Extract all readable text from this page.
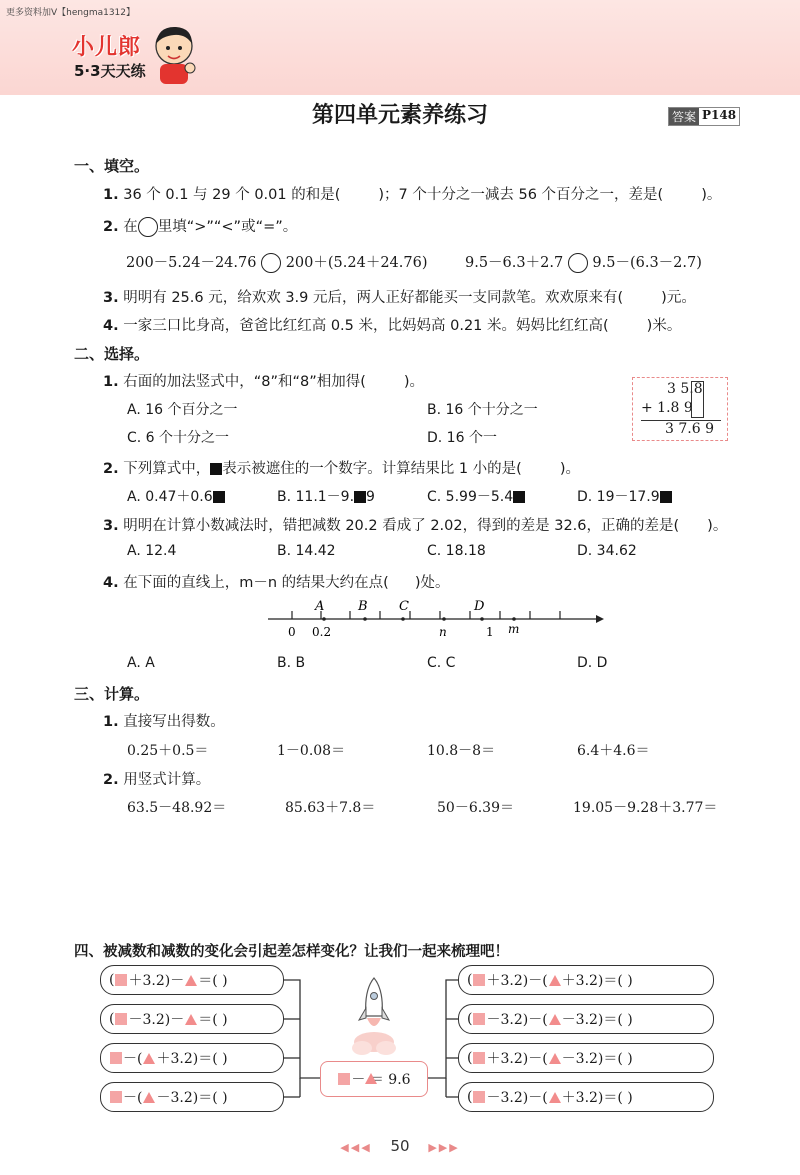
更多资料加V【hengma1312】
小儿郎
5·3天天练
第四单元素养练习	答案 P148
一、填空。
1. 36 个 0.1 与 29 个 0.01 的和是(	)；7 个十分之一减去 56 个百分之一，差是(	)。
2. 在 里填“>”“<”或“=”。
200－5.24－24.76 200＋(5.24＋24.76)	9.5－6.3＋2.7 9.5－(6.3－2.7)
3. 明明有 25.6 元，给欢欢 3.9 元后，两人正好都能买一支同款笔。欢欢原来有(	)元。
4. 一家三口比身高，爸爸比红红高 0.5 米，比妈妈高 0.21 米。妈妈比红红高(	)米。
二、选择。
1. 右面的加法竖式中，“8”和“8”相加得(	)。
A. 16 个百分之一	B. 16 个十分之一
C. 6 个十分之一	D. 16 个一
3 5.8
+ 1.8 9
3 7.6 9
2. 下列算式中， 表示被遮住的一个数字。计算结果比 1 小的是(	)。
A. 0.47＋0.6	B. 11.1－9. 9	C. 5.99－5.4	D. 19－17.9
3. 明明在计算小数减法时，错把减数 20.2 看成了 2.02，得到的差是 32.6，正确的差是( )。
A. 12.4	B. 14.42	C. 18.18	D. 34.62
4. 在下面的直线上，m－n 的结果大约在点( )处。
A	B C	D
0 0.2	n	1 m
A. A	B. B	C. C	D. D
三、计算。
1. 直接写出得数。
0.25＋0.5＝	1－0.08＝	10.8－8＝	6.4＋4.6＝
2. 用竖式计算。
63.5－48.92＝	85.63＋7.8＝	50－6.39＝	19.05－9.28＋3.77＝
四、被减数和减数的变化会引起差怎样变化？让我们一起来梳理吧！
－ ＝ 9.6
( ＋3.2)－ ＝( )
( －3.2)－ ＝( )
－( ＋3.2)＝( )
－( －3.2)＝( )
( ＋3.2)－( ＋3.2)＝( )
( －3.2)－( －3.2)＝( )
( ＋3.2)－( －3.2)＝( )
( －3.2)－( ＋3.2)＝( )
◀◀◀ 50 ▶▶▶
